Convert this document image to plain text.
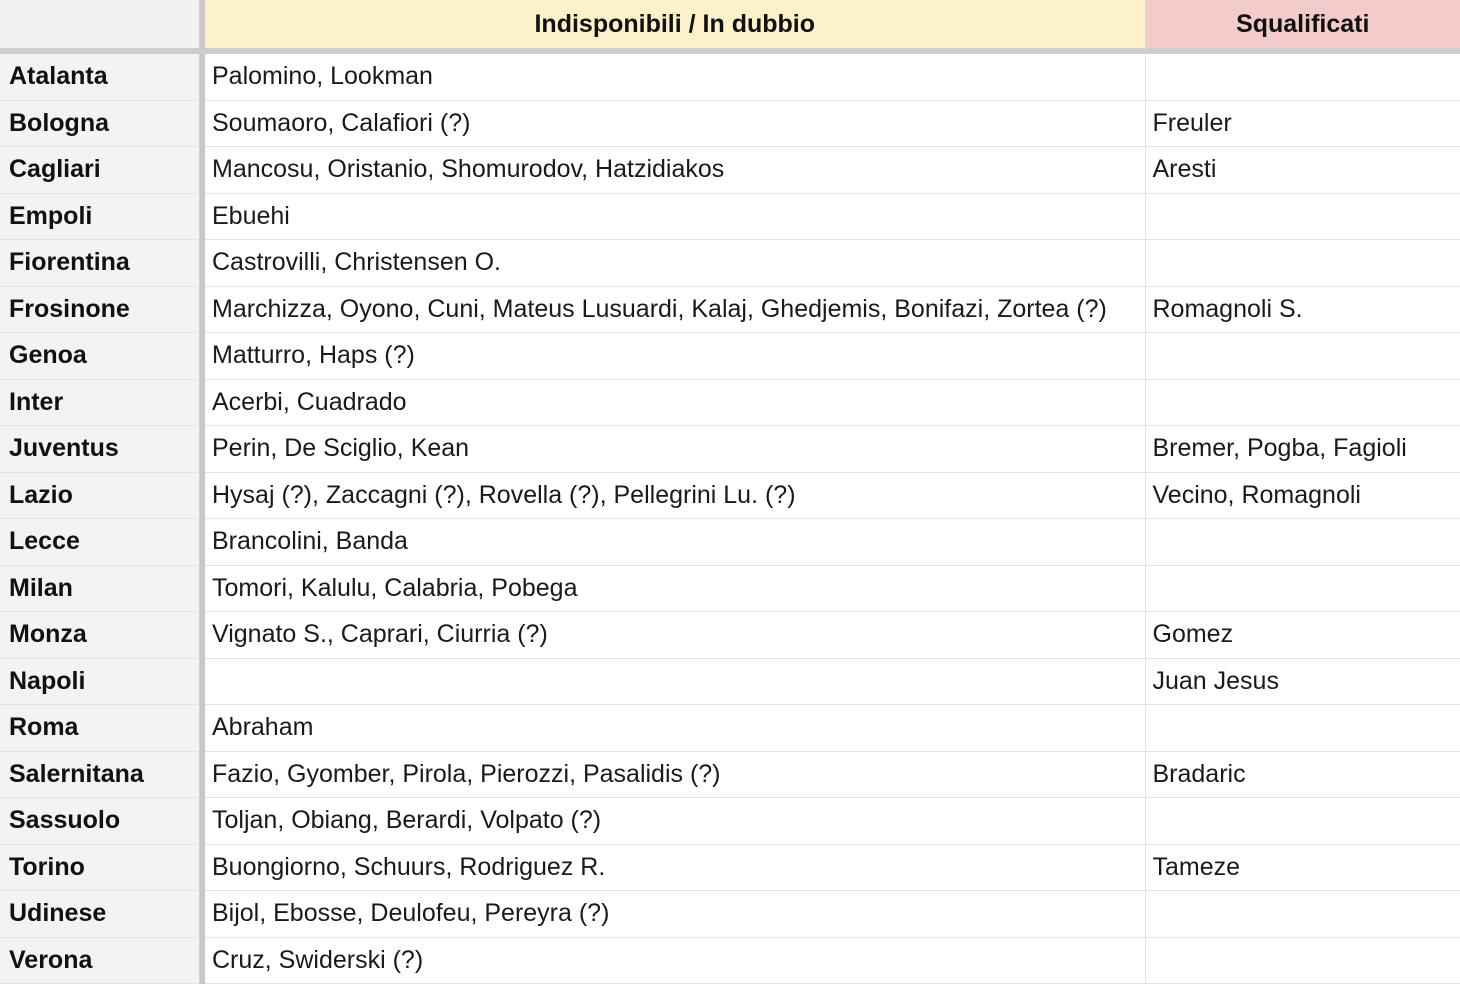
		Indisponibili / In dubbio	Squalificati

Atalanta		Palomino, Lookman	
Bologna		Soumaoro, Calafiori (?)	Freuler
Cagliari		Mancosu, Oristanio, Shomurodov, Hatzidiakos	Aresti
Empoli		Ebuehi	
Fiorentina		Castrovilli, Christensen O.	
Frosinone		Marchizza, Oyono, Cuni, Mateus Lusuardi, Kalaj, Ghedjemis, Bonifazi, Zortea (?)	Romagnoli S.
Genoa		Matturro, Haps (?)	
Inter		Acerbi, Cuadrado	
Juventus		Perin, De Sciglio, Kean	Bremer, Pogba, Fagioli
Lazio		Hysaj (?), Zaccagni (?), Rovella (?), Pellegrini Lu. (?)	Vecino, Romagnoli
Lecce		Brancolini, Banda	
Milan		Tomori, Kalulu, Calabria, Pobega	
Monza		Vignato S., Caprari, Ciurria (?)	Gomez
Napoli			Juan Jesus
Roma		Abraham	
Salernitana		Fazio, Gyomber, Pirola, Pierozzi, Pasalidis (?)	Bradaric
Sassuolo		Toljan, Obiang, Berardi, Volpato (?)	
Torino		Buongiorno, Schuurs, Rodriguez R.	Tameze
Udinese		Bijol, Ebosse, Deulofeu, Pereyra (?)	
Verona		Cruz, Swiderski (?)	
